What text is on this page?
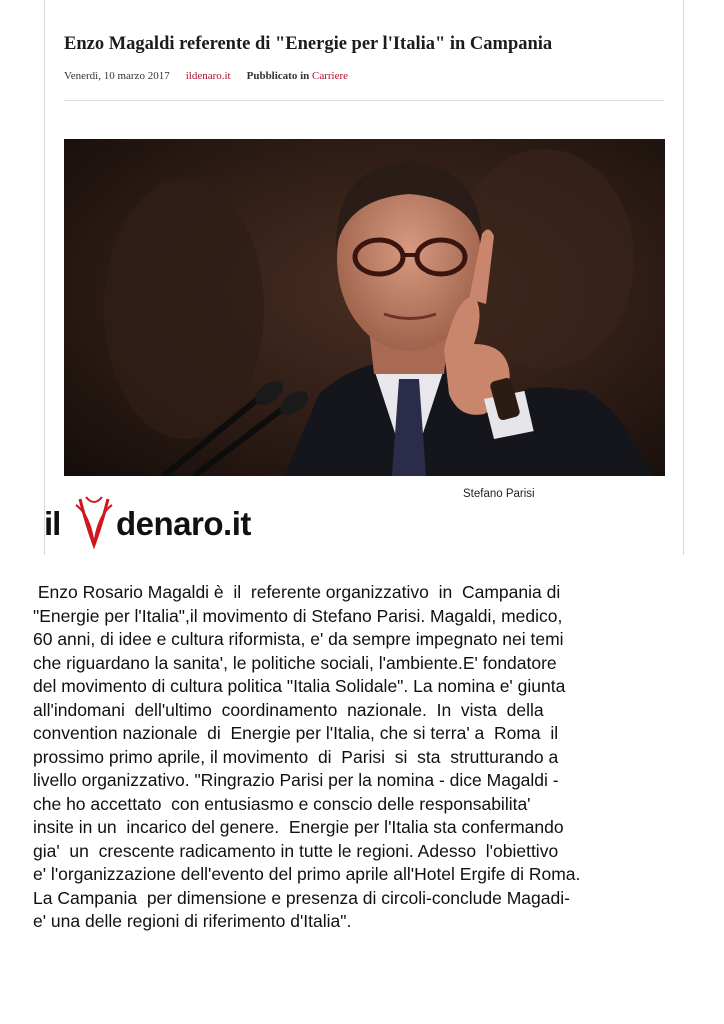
Enzo Magaldi referente di "Energie per l'Italia" in Campania
Venerdì, 10 marzo 2017 ildenaro.it Pubblicato in Carriere
Stefano Parisi
il denaro.it

Enzo Rosario Magaldi è  il  referente organizzativo  in  Campania di
"Energie per l'Italia",il movimento di Stefano Parisi. Magaldi, medico,
60 anni, di idee e cultura riformista, e' da sempre impegnato nei temi
che riguardano la sanita', le politiche sociali, l'ambiente.E' fondatore
del movimento di cultura politica "Italia Solidale". La nomina e' giunta
all'indomani  dell'ultimo  coordinamento  nazionale.  In  vista  della
convention nazionale  di  Energie per l'Italia, che si terra' a  Roma  il
prossimo primo aprile, il movimento  di  Parisi  si  sta  strutturando a
livello organizzativo. "Ringrazio Parisi per la nomina - dice Magaldi -
che ho accettato  con entusiasmo e conscio delle responsabilita'
insite in un  incarico del genere.  Energie per l'Italia sta confermando
gia'  un  crescente radicamento in tutte le regioni. Adesso  l'obiettivo
e' l'organizzazione dell'evento del primo aprile all'Hotel Ergife di Roma.
La Campania  per dimensione e presenza di circoli-conclude Magadi-
e' una delle regioni di riferimento d'Italia".
